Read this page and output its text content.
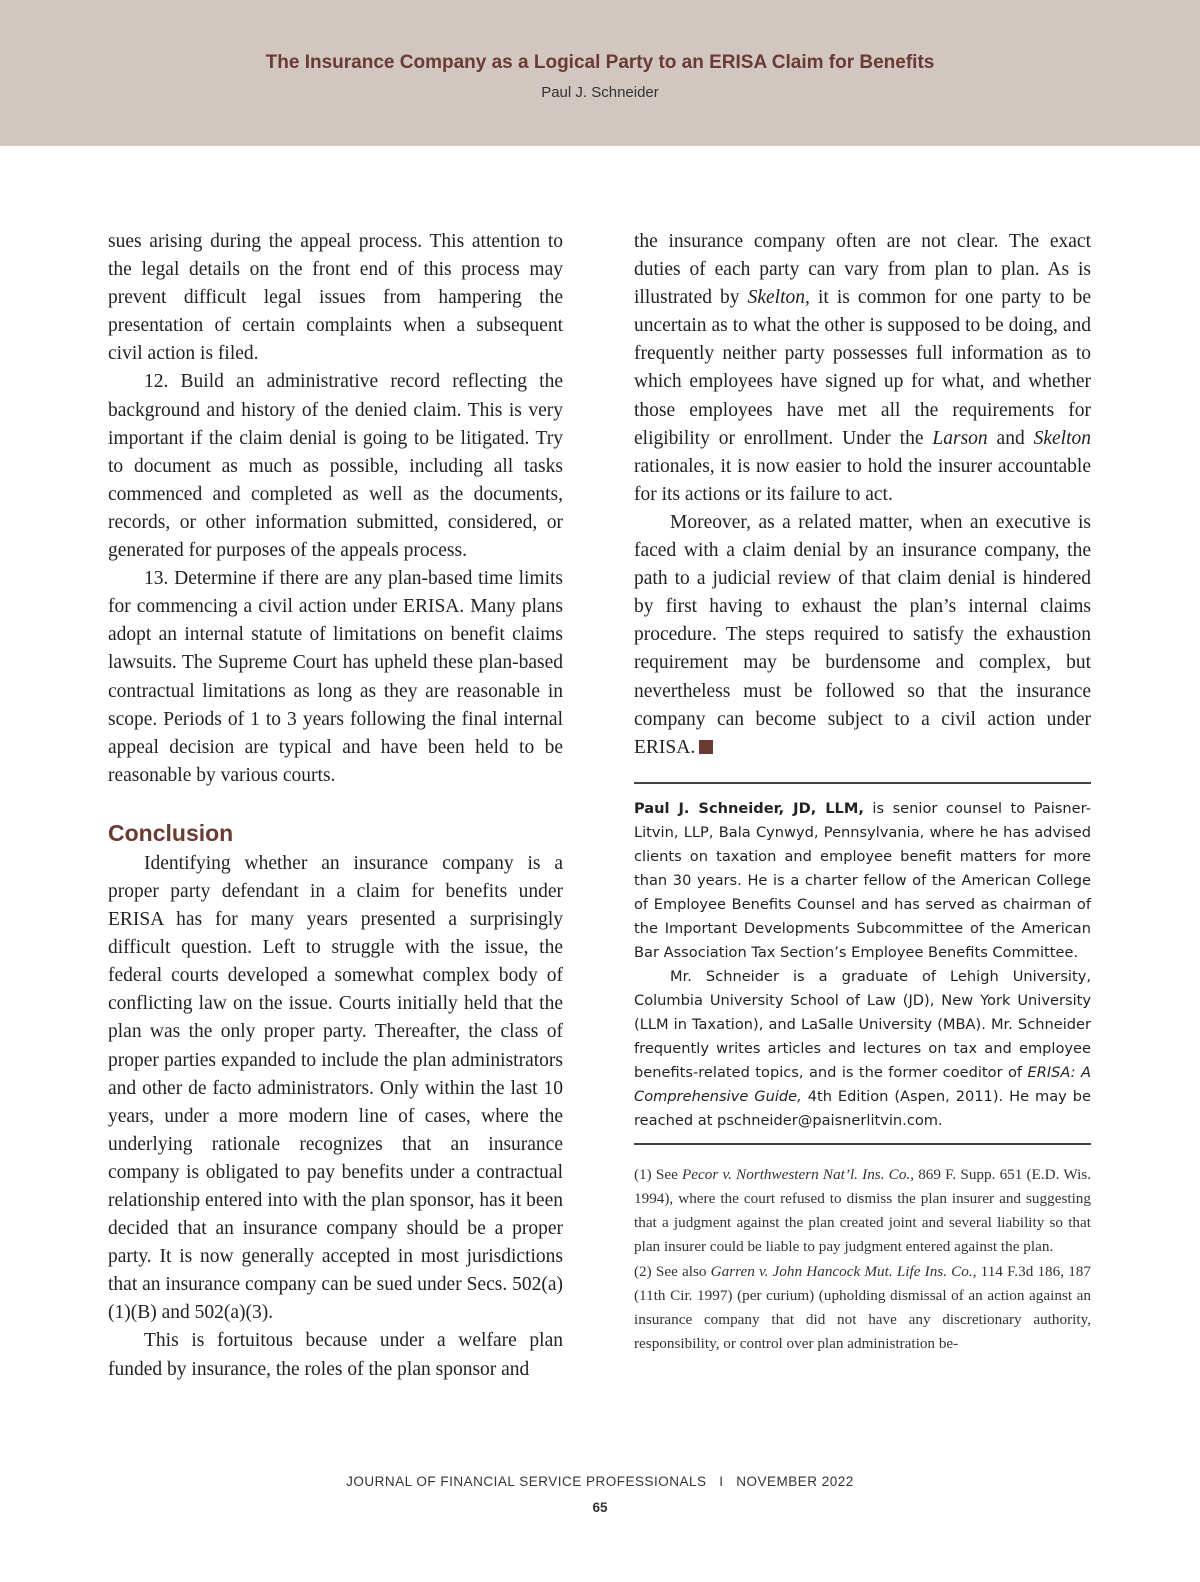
The Insurance Company as a Logical Party to an ERISA Claim for Benefits
Paul J. Schneider

sues arising during the appeal process. This attention to the legal details on the front end of this process may prevent difficult legal issues from hampering the presentation of certain complaints when a subsequent civil action is filed.

12. Build an administrative record reflecting the background and history of the denied claim. This is very important if the claim denial is going to be litigated. Try to document as much as possible, including all tasks commenced and completed as well as the documents, records, or other information submitted, considered, or generated for purposes of the appeals process.

13. Determine if there are any plan-based time limits for commencing a civil action under ERISA. Many plans adopt an internal statute of limitations on benefit claims lawsuits. The Supreme Court has upheld these plan-based contractual limitations as long as they are reasonable in scope. Periods of 1 to 3 years following the final internal appeal decision are typical and have been held to be reasonable by various courts.

Conclusion

Identifying whether an insurance company is a proper party defendant in a claim for benefits under ERISA has for many years presented a surprisingly difficult question. Left to struggle with the issue, the federal courts developed a somewhat complex body of conflicting law on the issue. Courts initially held that the plan was the only proper party. Thereafter, the class of proper parties expanded to include the plan administrators and other de facto administrators. Only within the last 10 years, under a more modern line of cases, where the underlying rationale recognizes that an insurance company is obligated to pay benefits under a contractual relationship entered into with the plan sponsor, has it been decided that an insurance company should be a proper party. It is now generally accepted in most jurisdictions that an insurance company can be sued under Secs. 502(a)(1)(B) and 502(a)(3).

This is fortuitous because under a welfare plan funded by insurance, the roles of the plan sponsor and

the insurance company often are not clear. The exact duties of each party can vary from plan to plan. As is illustrated by Skelton, it is common for one party to be uncertain as to what the other is supposed to be doing, and frequently neither party possesses full information as to which employees have signed up for what, and whether those employees have met all the requirements for eligibility or enrollment. Under the Larson and Skelton rationales, it is now easier to hold the insurer accountable for its actions or its failure to act.

Moreover, as a related matter, when an executive is faced with a claim denial by an insurance company, the path to a judicial review of that claim denial is hindered by first having to exhaust the plan’s internal claims procedure. The steps required to satisfy the exhaustion requirement may be burdensome and complex, but nevertheless must be followed so that the insurance company can become subject to a civil action under ERISA.

Paul J. Schneider, JD, LLM, is senior counsel to Paisner-Litvin, LLP, Bala Cynwyd, Pennsylvania, where he has advised clients on taxation and employee benefit matters for more than 30 years. He is a charter fellow of the American College of Employee Benefits Counsel and has served as chairman of the Important Developments Subcommittee of the American Bar Association Tax Section’s Employee Benefits Committee.

Mr. Schneider is a graduate of Lehigh University, Columbia University School of Law (JD), New York University (LLM in Taxation), and LaSalle University (MBA). Mr. Schneider frequently writes articles and lectures on tax and employee benefits-related topics, and is the former coeditor of ERISA: A Comprehensive Guide, 4th Edition (Aspen, 2011). He may be reached at pschneider@paisnerlitvin.com.

(1) See Pecor v. Northwestern Nat’l. Ins. Co., 869 F. Supp. 651 (E.D. Wis. 1994), where the court refused to dismiss the plan insurer and suggesting that a judgment against the plan created joint and several liability so that plan insurer could be liable to pay judgment entered against the plan.

(2) See also Garren v. John Hancock Mut. Life Ins. Co., 114 F.3d 186, 187 (11th Cir. 1997) (per curium) (upholding dismissal of an action against an insurance company that did not have any discretionary authority, responsibility, or control over plan administration be-

JOURNAL OF FINANCIAL SERVICE PROFESSIONALS   I   NOVEMBER 2022
65
